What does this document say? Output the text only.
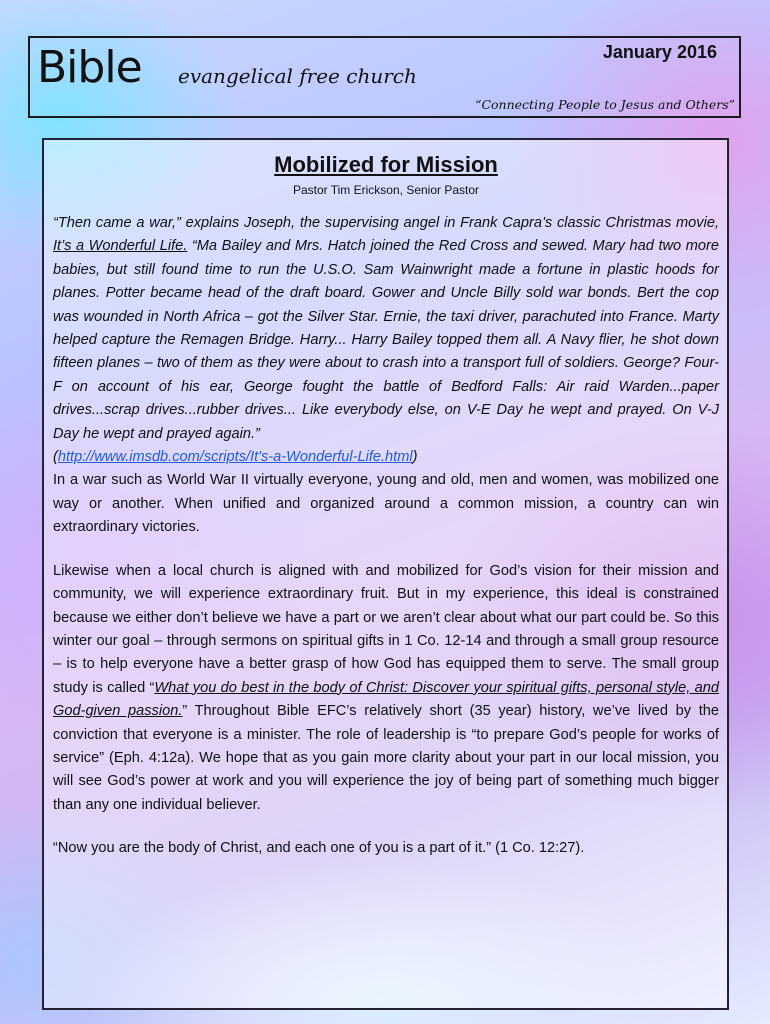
Bible evangelical free church
January 2016
“Connecting People to Jesus and Others”
Mobilized for Mission
Pastor Tim Erickson, Senior Pastor

“Then came a war,” explains Joseph, the supervising angel in Frank Capra’s classic Christmas movie, It’s a Wonderful Life. “Ma Bailey and Mrs. Hatch joined the Red Cross and sewed. Mary had two more babies, but still found time to run the U.S.O. Sam Wainwright made a fortune in plastic hoods for planes. Potter became head of the draft board. Gower and Uncle Billy sold war bonds. Bert the cop was wounded in North Africa – got the Silver Star. Ernie, the taxi driver, parachuted into France. Marty helped capture the Remagen Bridge. Harry... Harry Bailey topped them all. A Navy flier, he shot down fifteen planes – two of them as they were about to crash into a transport full of soldiers. George? Four-F on account of his ear, George fought the battle of Bedford Falls: Air raid Warden...paper drives...scrap drives...rubber drives... Like everybody else, on V-E Day he wept and prayed. On V-J Day he wept and prayed again.”
(http://www.imsdb.com/scripts/It's-a-Wonderful-Life.html)
In a war such as World War II virtually everyone, young and old, men and women, was mobilized one way or another. When unified and organized around a common mission, a country can win extraordinary victories.

Likewise when a local church is aligned with and mobilized for God’s vision for their mission and community, we will experience extraordinary fruit. But in my experience, this ideal is constrained because we either don’t believe we have a part or we aren’t clear about what our part could be. So this winter our goal – through sermons on spiritual gifts in 1 Co. 12-14 and through a small group resource – is to help everyone have a better grasp of how God has equipped them to serve. The small group study is called “What you do best in the body of Christ: Discover your spiritual gifts, personal style, and God-given passion.” Throughout Bible EFC’s relatively short (35 year) history, we’ve lived by the conviction that everyone is a minister. The role of leadership is “to prepare God’s people for works of service” (Eph. 4:12a). We hope that as you gain more clarity about your part in our local mission, you will see God’s power at work and you will experience the joy of being part of something much bigger than any one individual believer.

“Now you are the body of Christ, and each one of you is a part of it.” (1 Co. 12:27).
